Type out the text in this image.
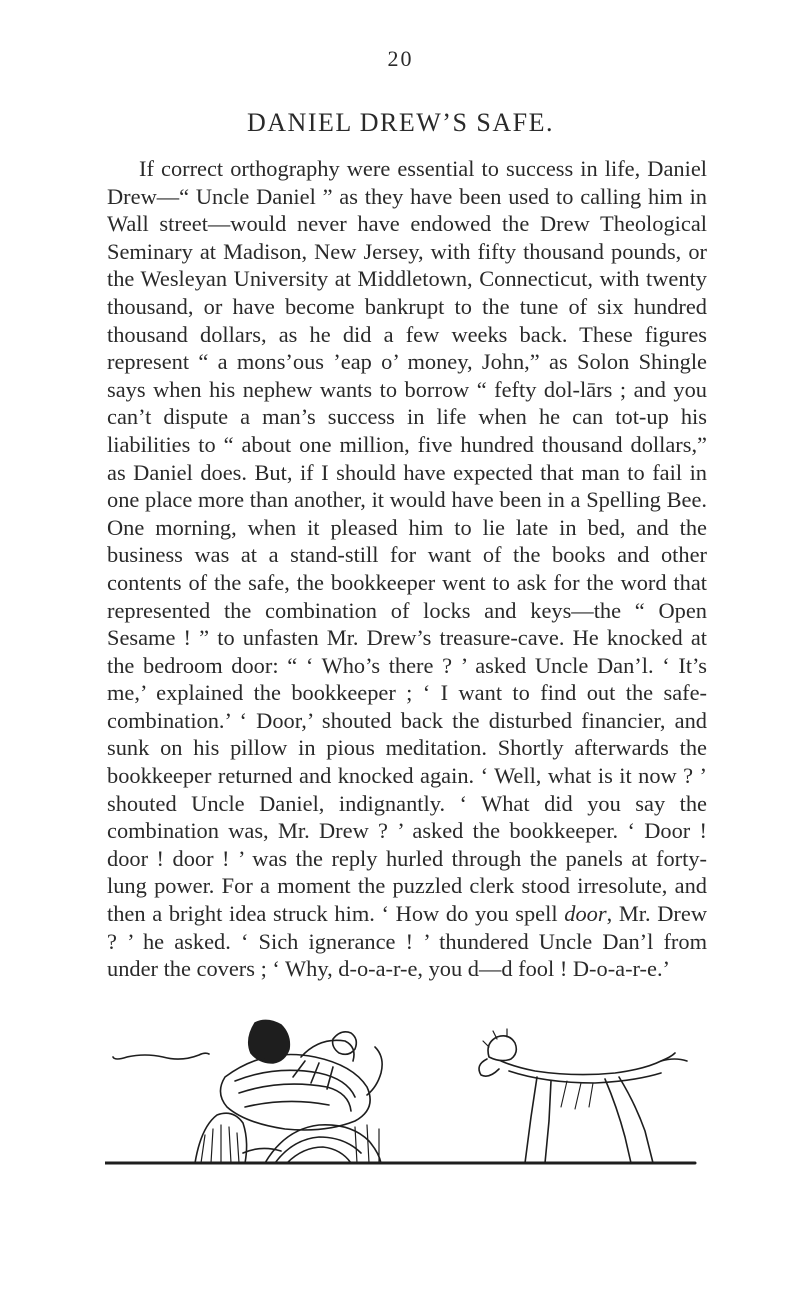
20
DANIEL DREW’S SAFE.

If correct orthography were essential to success in life, Daniel Drew—“ Uncle Daniel ” as they have been used to calling him in Wall street—would never have endowed the Drew Theological Seminary at Madison, New Jersey, with fifty thousand pounds, or the Wesleyan University at Middletown, Connecticut, with twenty thousand, or have become bankrupt to the tune of six hundred thousand dollars, as he did a few weeks back. These figures represent “ a mons’ous ’eap o’ money, John,” as Solon Shingle says when his nephew wants to borrow “ fefty dol-lārs ; and you can’t dispute a man’s success in life when he can tot-up his liabilities to “ about one million, five hundred thousand dollars,” as Daniel does. But, if I should have expected that man to fail in one place more than another, it would have been in a Spelling Bee. One morning, when it pleased him to lie late in bed, and the business was at a stand-still for want of the books and other contents of the safe, the bookkeeper went to ask for the word that represented the combination of locks and keys—the “ Open Sesame ! ” to unfasten Mr. Drew’s treasure-cave. He knocked at the bedroom door: “ ‘ Who’s there ? ’ asked Uncle Dan’l. ‘ It’s me,’ explained the bookkeeper ; ‘ I want to find out the safe-combination.’ ‘ Door,’ shouted back the disturbed financier, and sunk on his pillow in pious meditation. Shortly afterwards the bookkeeper returned and knocked again. ‘ Well, what is it now ? ’ shouted Uncle Daniel, indignantly. ‘ What did you say the combination was, Mr. Drew ? ’ asked the bookkeeper. ‘ Door ! door ! door ! ’ was the reply hurled through the panels at forty-lung power. For a moment the puzzled clerk stood irresolute, and then a bright idea struck him. ‘ How do you spell door, Mr. Drew ? ’ he asked. ‘ Sich ignerance ! ’ thundered Uncle Dan’l from under the covers ; ‘ Why, d-o-a-r-e, you d—d fool ! D-o-a-r-e.’
